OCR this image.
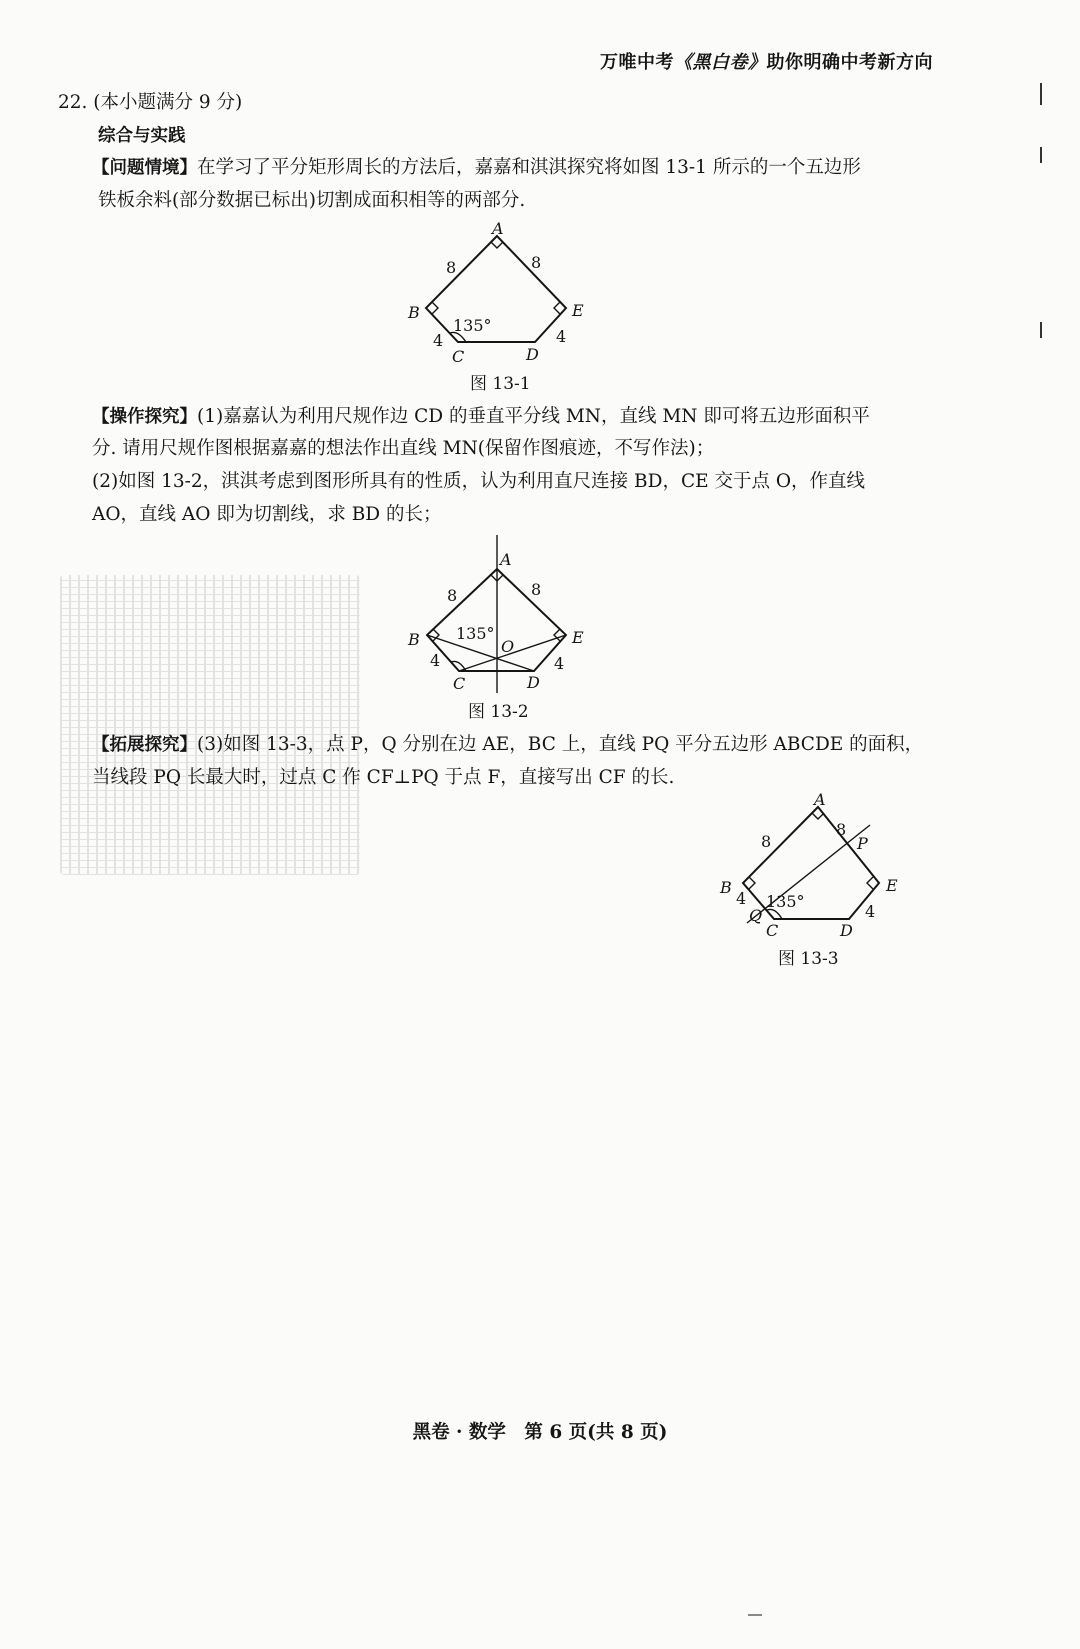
万唯中考《黑白卷》助你明确中考新方向
22. (本小题满分 9 分)
综合与实践
【问题情境】在学习了平分矩形周长的方法后，嘉嘉和淇淇探究将如图 13-1 所示的一个五边形
铁板余料(部分数据已标出)切割成面积相等的两部分.
A
B
C	D
E
8	8
4	4
135°
图 13-1
【操作探究】(1)嘉嘉认为利用尺规作边 CD 的垂直平分线 MN，直线 MN 即可将五边形面积平
分. 请用尺规作图根据嘉嘉的想法作出直线 MN(保留作图痕迹，不写作法)；
(2)如图 13-2，淇淇考虑到图形所具有的性质，认为利用直尺连接 BD，CE 交于点 O，作直线
AO，直线 AO 即为切割线，求 BD 的长；
A
B
C	D
E
O
8	8
4	4
135°
图 13-2
【拓展探究】(3)如图 13-3，点 P，Q 分别在边 AE，BC 上，直线 PQ 平分五边形 ABCDE 的面积，
当线段 PQ 长最大时，过点 C 作 CF⊥PQ 于点 F，直接写出 CF 的长.
A
B
C	D
E
P
Q
8
8
4
4
135°
图 13-3
黑卷 · 数学　第 6 页(共 8 页)
